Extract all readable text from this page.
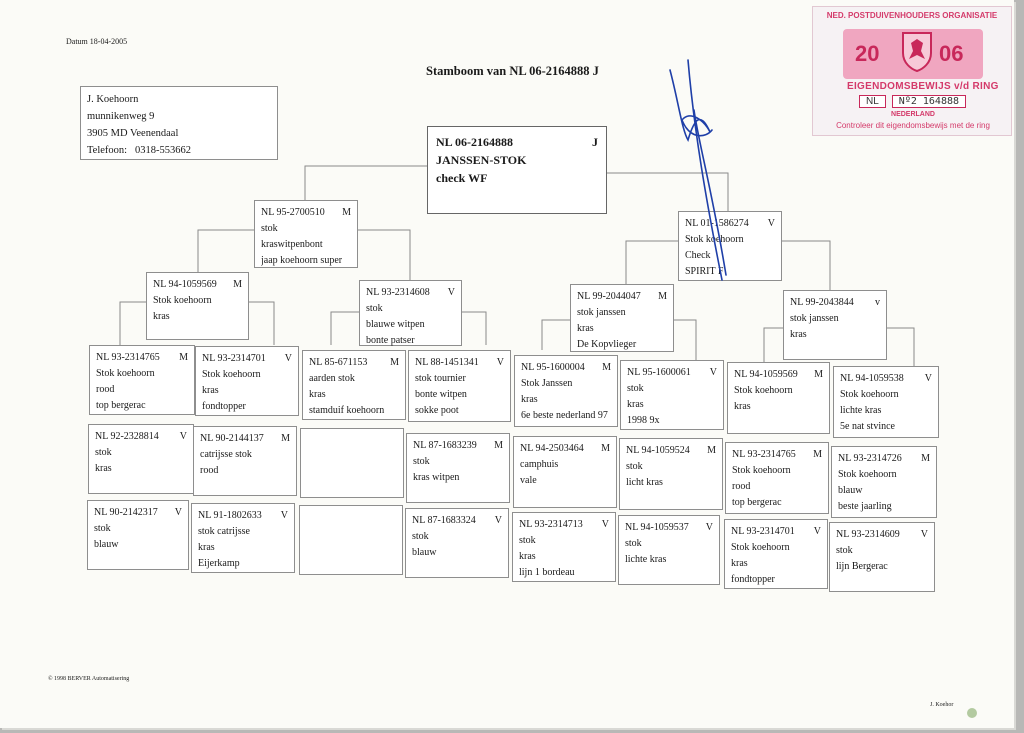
Datum 18-04-2005
Stamboom van NL 06-2164888 J
J. Koehoorn
munnikenweg 9
3905 MD Veenendaal
Telefoon: 0318-553662
NL 06-2164888	J
JANSSEN-STOK
check WF
NL 95-2700510 M
stok
kraswitpenbont
jaap koehoorn super
NL 01-1586274 V
Stok koehoorn
Check
SPIRIT F
NL 94-1059569 M
Stok koehoorn
kras
NL 93-2314608 V
stok
blauwe witpen
bonte patser
NL 99-2044047 M
stok janssen
kras
De Kopvlieger
NL 99-2043844 v
stok janssen
kras
NL 93-2314765 M
Stok koehoorn
rood
top bergerac
NL 93-2314701 V
Stok koehoorn
kras
fondtopper
NL 85-671153 M
aarden stok
kras
stamduif koehoorn
NL 88-1451341 V
stok tournier
bonte witpen
sokke poot
NL 95-1600004 M
Stok Janssen
kras
6e beste nederland 97
NL 95-1600061 V
stok
kras
1998 9x
NL 94-1059569 M
Stok koehoorn
kras
NL 94-1059538 V
Stok koehoorn
lichte kras
5e nat stvince
NL 92-2328814 V
stok
kras
NL 90-2144137 M
catrijsse stok
rood
NL 87-1683239 M
stok
kras witpen
NL 94-2503464 M
camphuis
vale
NL 94-1059524 M
stok
licht kras
NL 93-2314765 M
Stok koehoorn
rood
top bergerac
NL 93-2314726 M
Stok koehoorn
blauw
beste jaarling
NL 90-2142317 V
stok
blauw
NL 91-1802633 V
stok catrijsse
kras
Eijerkamp
NL 87-1683324 V
stok
blauw
NL 93-2314713 V
stok
kras
lijn 1 bordeau
NL 94-1059537 V
stok
lichte kras
NL 93-2314701 V
Stok koehoorn
kras
fondtopper
NL 93-2314609 V
stok
lijn Bergerac
NED. POSTDUIVENHOUDERS ORGANISATIE
20	06
EIGENDOMSBEWIJS v/d RING
NL	Nº2 164888
NEDERLAND
Controleer dit eigendomsbewijs met de ring
© 1998 BERVER Automatisering
J. Koehor
